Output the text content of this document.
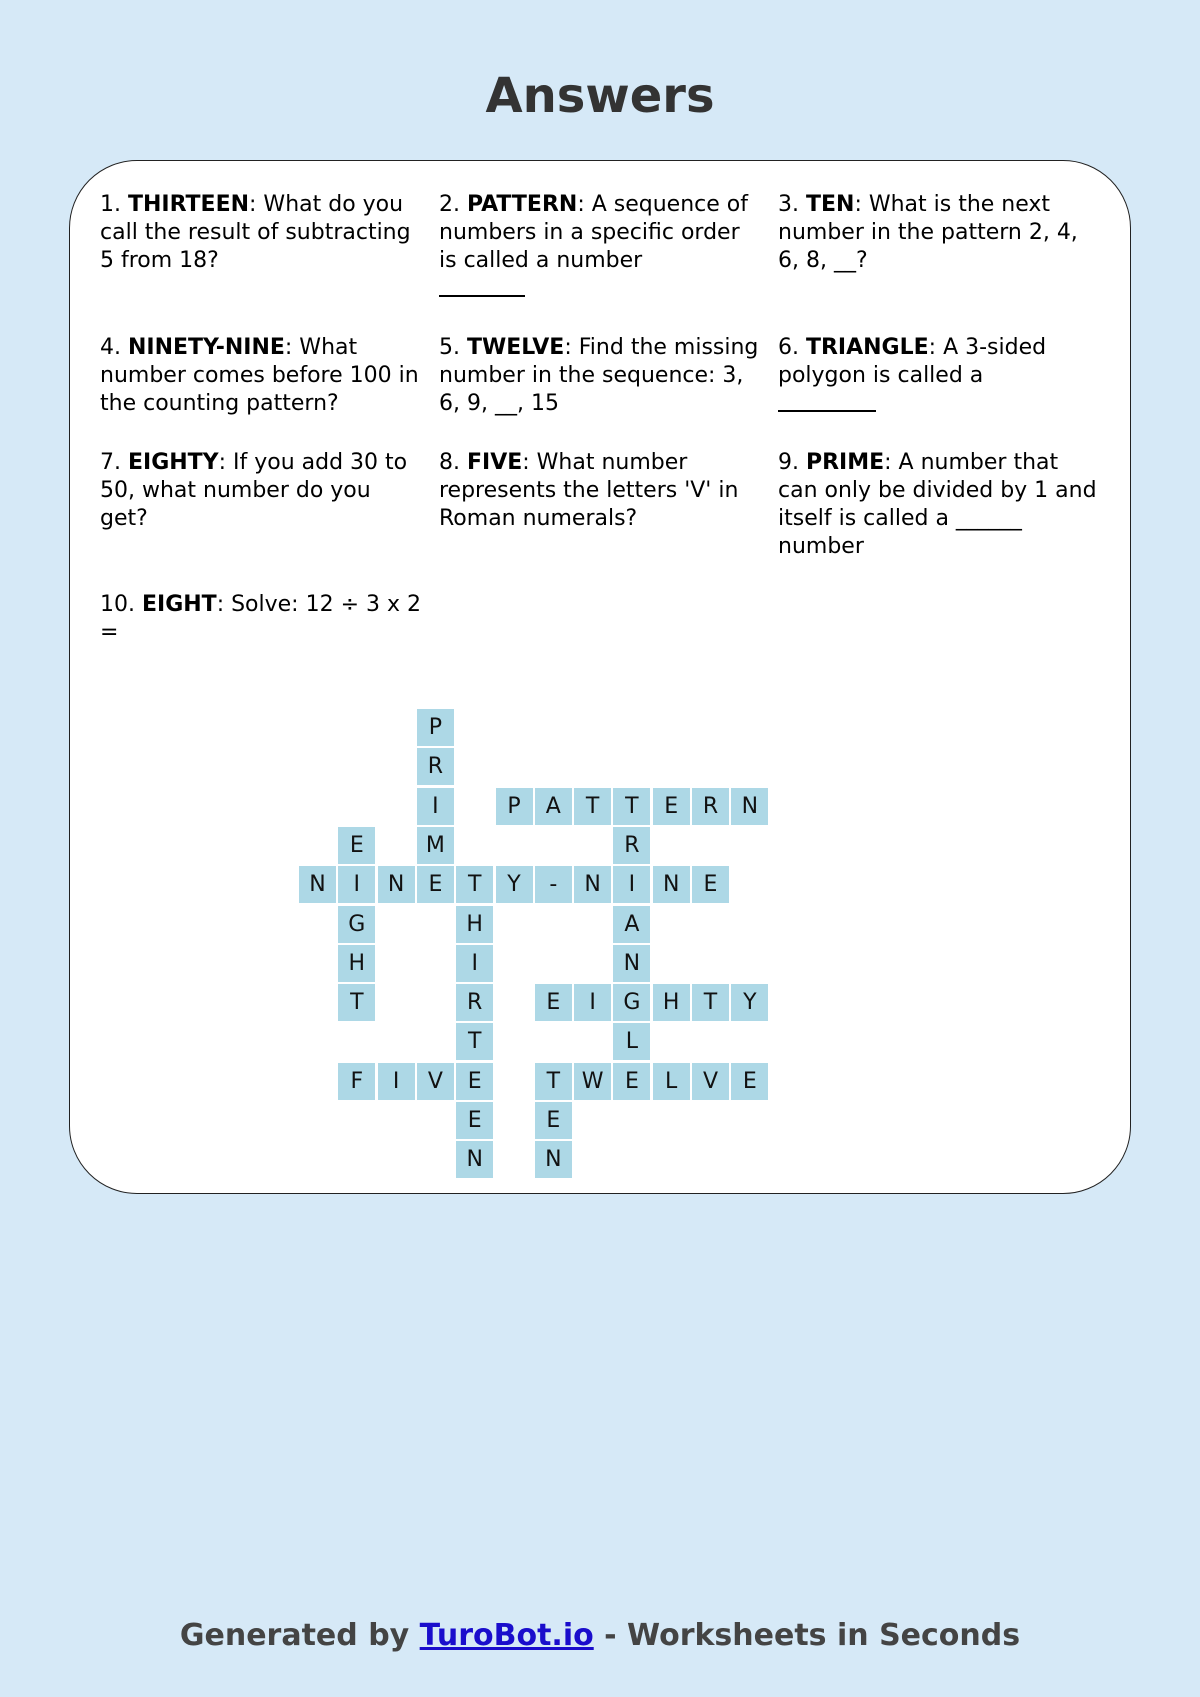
Answers
1. THIRTEEN: What do you call the result of subtracting 5 from 18?
2. PATTERN: A sequence of numbers in a specific order is called a number
3. TEN: What is the next number in the pattern 2, 4, 6, 8, __?
4. NINETY-NINE: What number comes before 100 in the counting pattern?
5. TWELVE: Find the missing number in the sequence: 3, 6, 9, __, 15
6. TRIANGLE: A 3-sided polygon is called a
7. EIGHTY: If you add 30 to 50, what number do you get?
8. FIVE: What number represents the letters 'V' in Roman numerals?
9. PRIME: A number that can only be divided by 1 and itself is called a ______ number
10. EIGHT: Solve: 12 ÷ 3 x 2 =
P
R
I
M
E
P	A	T	T	E	R	N
R
I
A
N
G
L
E
E
I
G
H
T
N	N	T	Y	-	N	N	E
H
I
R
T
E
E
N
E	I	H	T	Y
F	I	V	T W	L	V	E
E
N
Generated by TuroBot.io - Worksheets in Seconds
